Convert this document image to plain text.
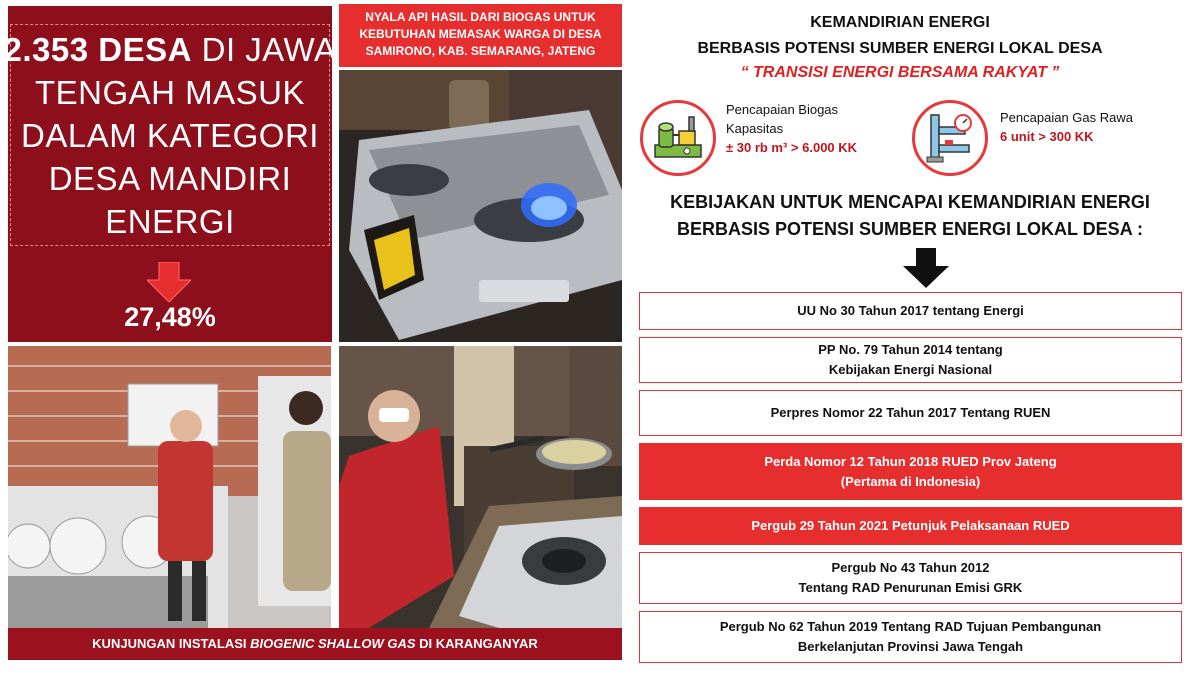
2.353 DESA DI JAWA
TENGAH MASUK
DALAM KATEGORI
DESA MANDIRI
ENERGI
27,48%
NYALA API HASIL DARI BIOGAS UNTUK
KEBUTUHAN MEMASAK WARGA DI DESA
SAMIRONO, KAB. SEMARANG, JATENG
KUNJUNGAN INSTALASI BIOGENIC SHALLOW GAS DI KARANGANYAR
KEMANDIRIAN ENERGI
BERBASIS POTENSI SUMBER ENERGI LOKAL DESA
“ TRANSISI ENERGI BERSAMA RAKYAT ”
Pencapaian Biogas
Kapasitas
± 30 rb m³ > 6.000 KK
Pencapaian Gas Rawa
6 unit > 300 KK
KEBIJAKAN UNTUK MENCAPAI KEMANDIRIAN ENERGI
BERBASIS POTENSI SUMBER ENERGI LOKAL DESA :
UU No 30 Tahun 2017 tentang Energi
PP No. 79 Tahun 2014 tentang
Kebijakan Energi Nasional
Perpres Nomor 22 Tahun 2017 Tentang RUEN
Perda Nomor 12 Tahun 2018 RUED Prov Jateng
(Pertama di Indonesia)
Pergub 29 Tahun 2021 Petunjuk Pelaksanaan RUED
Pergub No 43 Tahun 2012
Tentang RAD Penurunan Emisi GRK
Pergub No 62 Tahun 2019 Tentang RAD Tujuan Pembangunan
Berkelanjutan Provinsi Jawa Tengah
